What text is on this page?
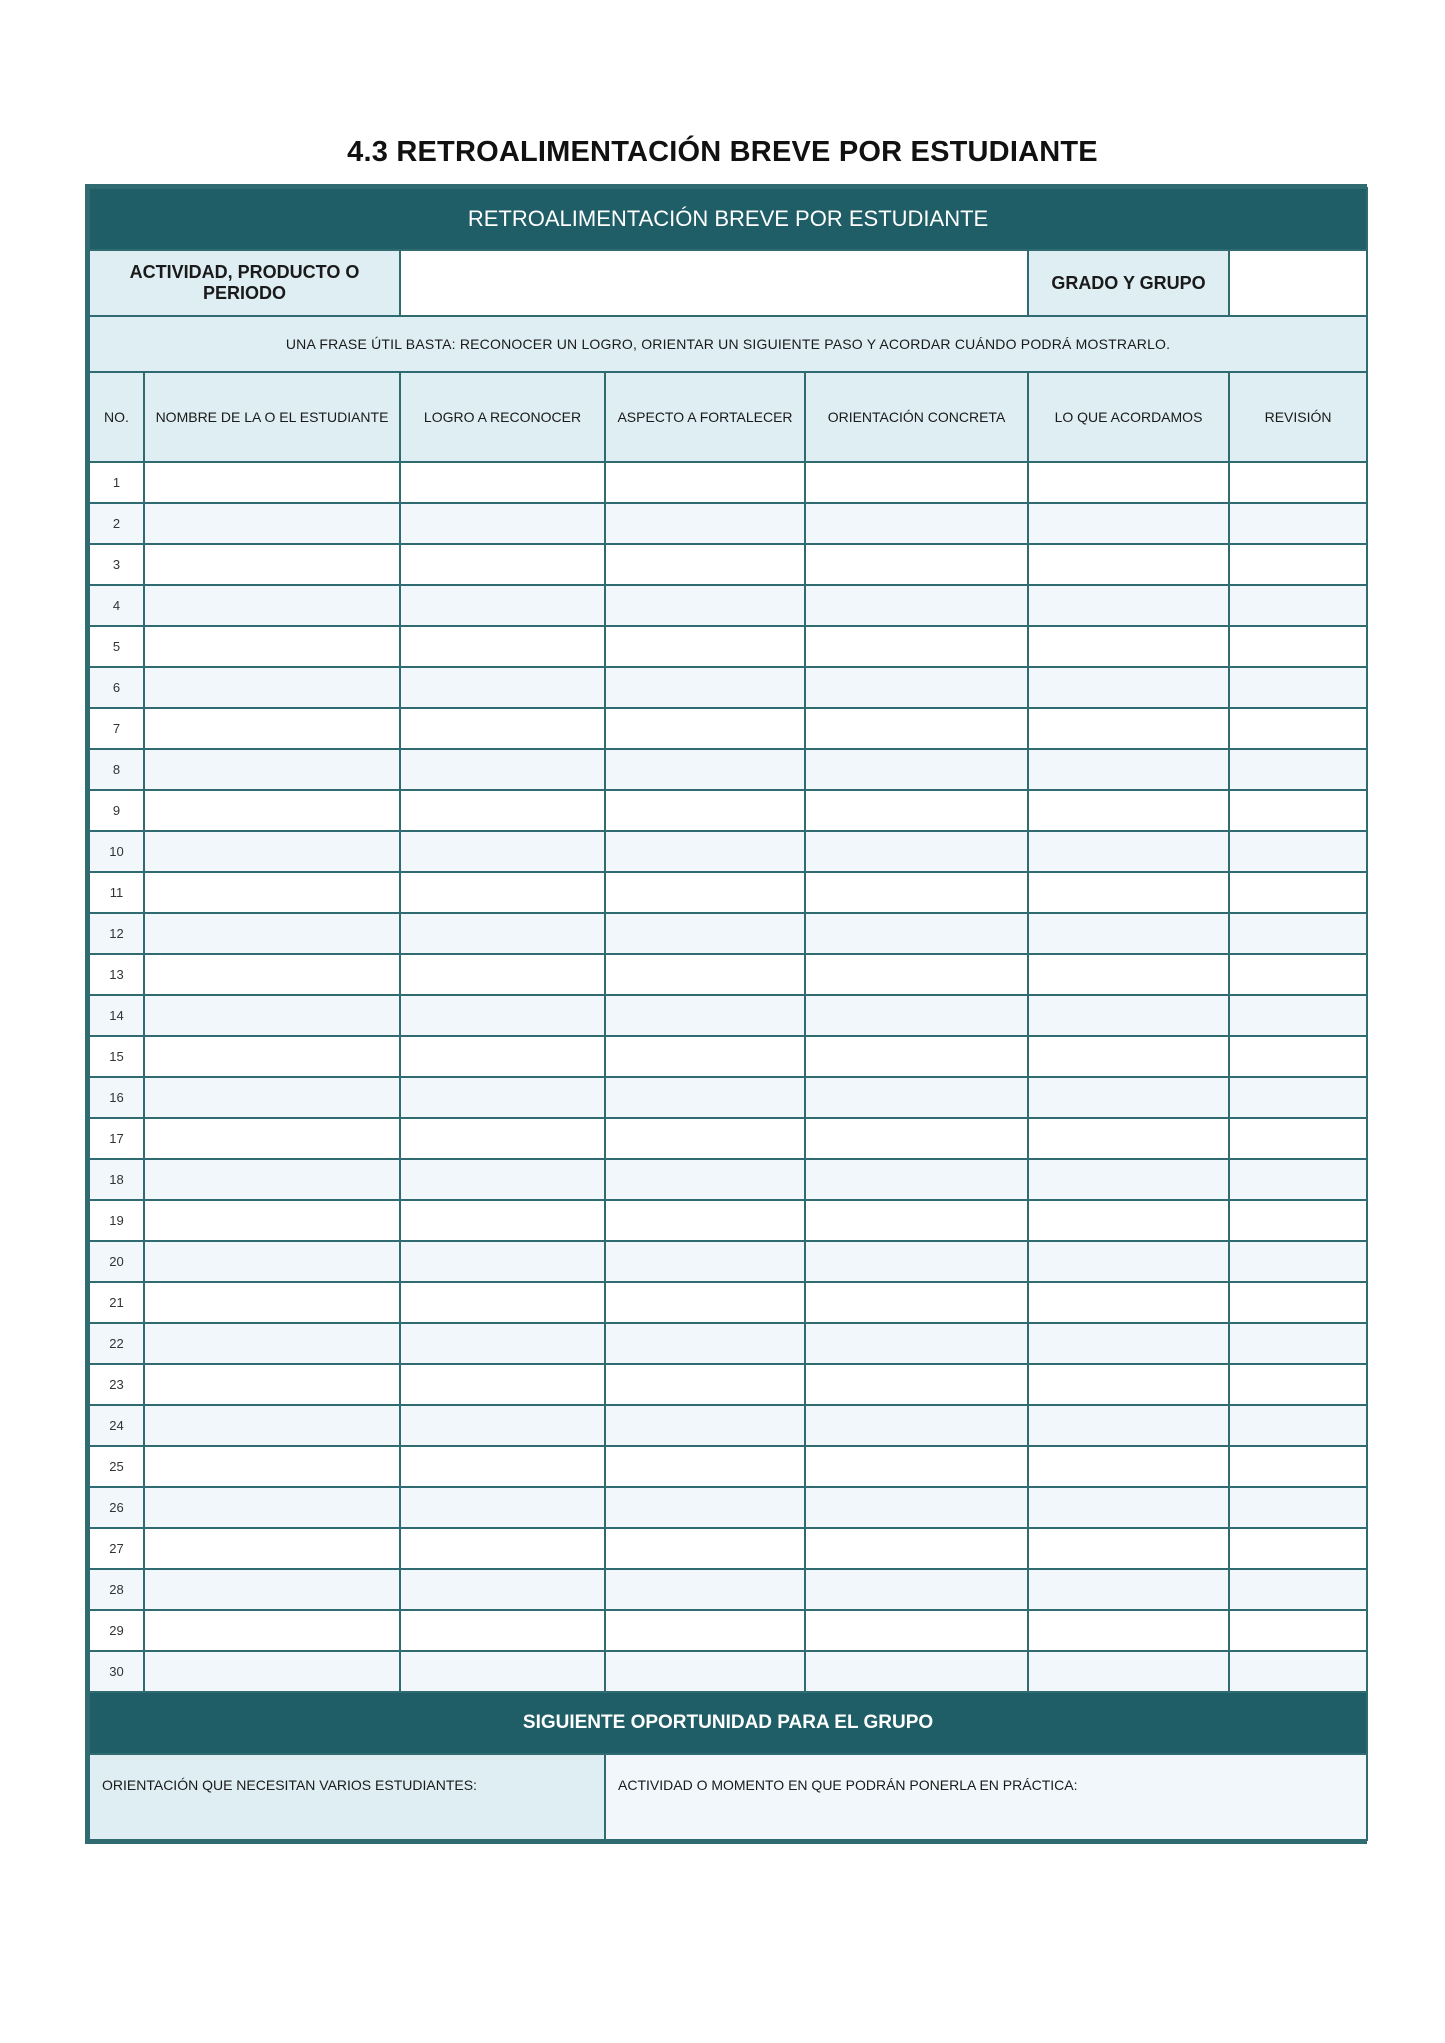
4.3 RETROALIMENTACIÓN BREVE POR ESTUDIANTE
RETROALIMENTACIÓN BREVE POR ESTUDIANTE						
ACTIVIDAD, PRODUCTO O PERIODO					GRADO Y GRUPO	
UNA FRASE ÚTIL BASTA: RECONOCER UN LOGRO, ORIENTAR UN SIGUIENTE PASO Y ACORDAR CUÁNDO PODRÁ MOSTRARLO.						
NO.	NOMBRE DE LA O EL ESTUDIANTE	LOGRO A RECONOCER	ASPECTO A FORTALECER	ORIENTACIÓN CONCRETA	LO QUE ACORDAMOS	REVISIÓN
1						
2						
3						
4						
5						
6						
7						
8						
9						
10						
11						
12						
13						
14						
15						
16						
17						
18						
19						
20						
21						
22						
23						
24						
25						
26						
27						
28						
29						
30						
SIGUIENTE OPORTUNIDAD PARA EL GRUPO						
ORIENTACIÓN QUE NECESITAN VARIOS ESTUDIANTES:			ACTIVIDAD O MOMENTO EN QUE PODRÁN PONERLA EN PRÁCTICA:			
